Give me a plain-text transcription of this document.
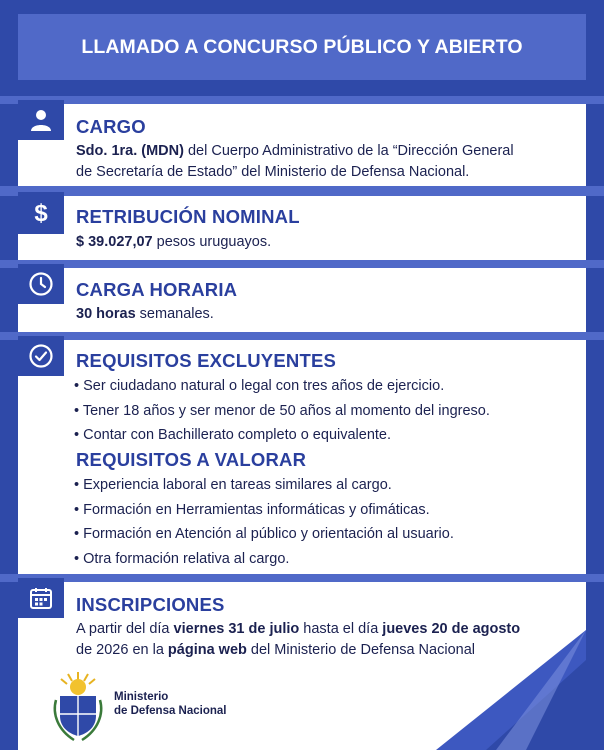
LLAMADO A CONCURSO PÚBLICO Y ABIERTO
CARGO
Sdo. 1ra. (MDN) del Cuerpo Administrativo de la “Dirección General
de Secretaría de Estado” del Ministerio de Defensa Nacional.
$ RETRIBUCIÓN NOMINAL
$ 39.027,07 pesos uruguayos.
CARGA HORARIA
30 horas semanales.
REQUISITOS EXCLUYENTES
• Ser ciudadano natural o legal con tres años de ejercicio.
• Tener 18 años y ser menor de 50 años al momento del ingreso.
• Contar con Bachillerato completo o equivalente.
REQUISITOS A VALORAR
• Experiencia laboral en tareas similares al cargo.
• Formación en Herramientas informáticas y ofimáticas.
• Formación en Atención al público y orientación al usuario.
• Otra formación relativa al cargo.
INSCRIPCIONES
A partir del día viernes 31 de julio hasta el día jueves 20 de agosto
de 2026 en la página web del Ministerio de Defensa Nacional
Ministerio
de Defensa Nacional
